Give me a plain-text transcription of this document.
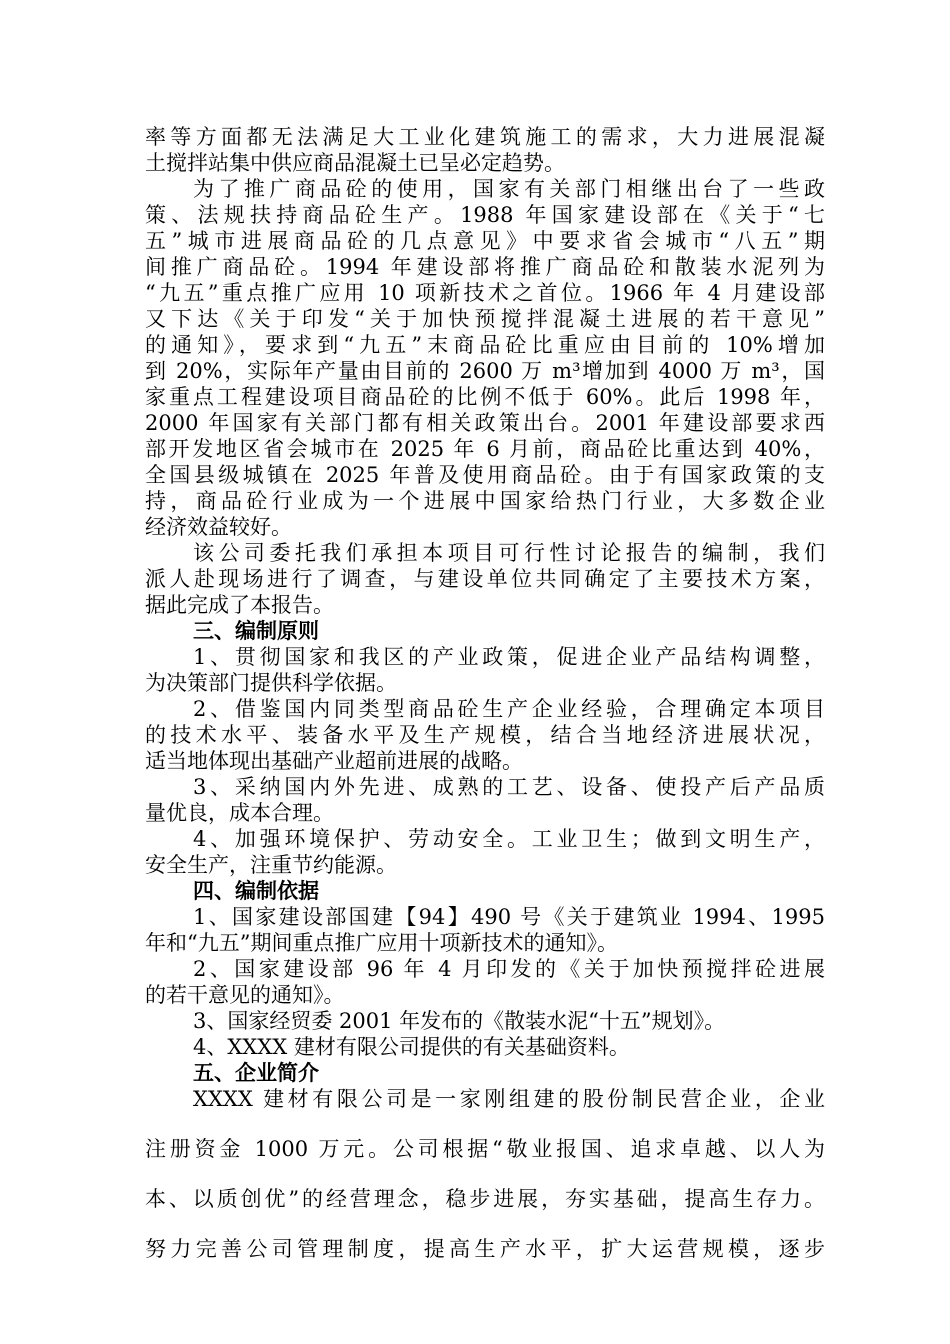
率等方面都无法满足大工业化建筑施工的需求，大力进展混凝
土搅拌站集中供应商品混凝土已呈必定趋势。
为了推广商品砼的使用，国家有关部门相继出台了一些政
策、法规扶持商品砼生产。1988 年国家建设部在《关于“七
五”城市进展商品砼的几点意见》中要求省会城市“八五”期
间推广商品砼。1994 年建设部将推广商品砼和散装水泥列为
“九五”重点推广应用 10 项新技术之首位。1966 年 4 月建设部
又下达《关于印发“关于加快预搅拌混凝土进展的若干意见”
的通知》，要求到“九五”末商品砼比重应由目前的 10%增加
到 20%，实际年产量由目前的 2600 万 m³增加到 4000 万 m³，国
家重点工程建设项目商品砼的比例不低于 60%。此后 1998 年，
2000 年国家有关部门都有相关政策出台。2001 年建设部要求西
部开发地区省会城市在 2025 年 6 月前，商品砼比重达到 40%，
全国县级城镇在 2025 年普及使用商品砼。由于有国家政策的支
持，商品砼行业成为一个进展中国家给热门行业，大多数企业
经济效益较好。
该公司委托我们承担本项目可行性讨论报告的编制，我们
派人赴现场进行了调查，与建设单位共同确定了主要技术方案，
据此完成了本报告。
三、编制原则
1、贯彻国家和我区的产业政策，促进企业产品结构调整，
为决策部门提供科学依据。
2、借鉴国内同类型商品砼生产企业经验，合理确定本项目
的技术水平、装备水平及生产规模，结合当地经济进展状况，
适当地体现出基础产业超前进展的战略。
3、采纳国内外先进、成熟的工艺、设备、使投产后产品质
量优良，成本合理。
4、加强环境保护、劳动安全。工业卫生；做到文明生产，
安全生产，注重节约能源。
四、编制依据
1、国家建设部国建【94】490 号《关于建筑业 1994、1995
年和“九五”期间重点推广应用十项新技术的通知》。
2、国家建设部 96 年 4 月印发的《关于加快预搅拌砼进展
的若干意见的通知》。
3、国家经贸委 2001 年发布的《散装水泥“十五”规划》。
4、XXXX 建材有限公司提供的有关基础资料。
五、企业简介
XXXX 建材有限公司是一家刚组建的股份制民营企业，企业
注册资金 1000 万元。公司根据“敬业报国、追求卓越、以人为
本、以质创优”的经营理念，稳步进展，夯实基础，提高生存力。
努力完善公司管理制度，提高生产水平，扩大运营规模，逐步
